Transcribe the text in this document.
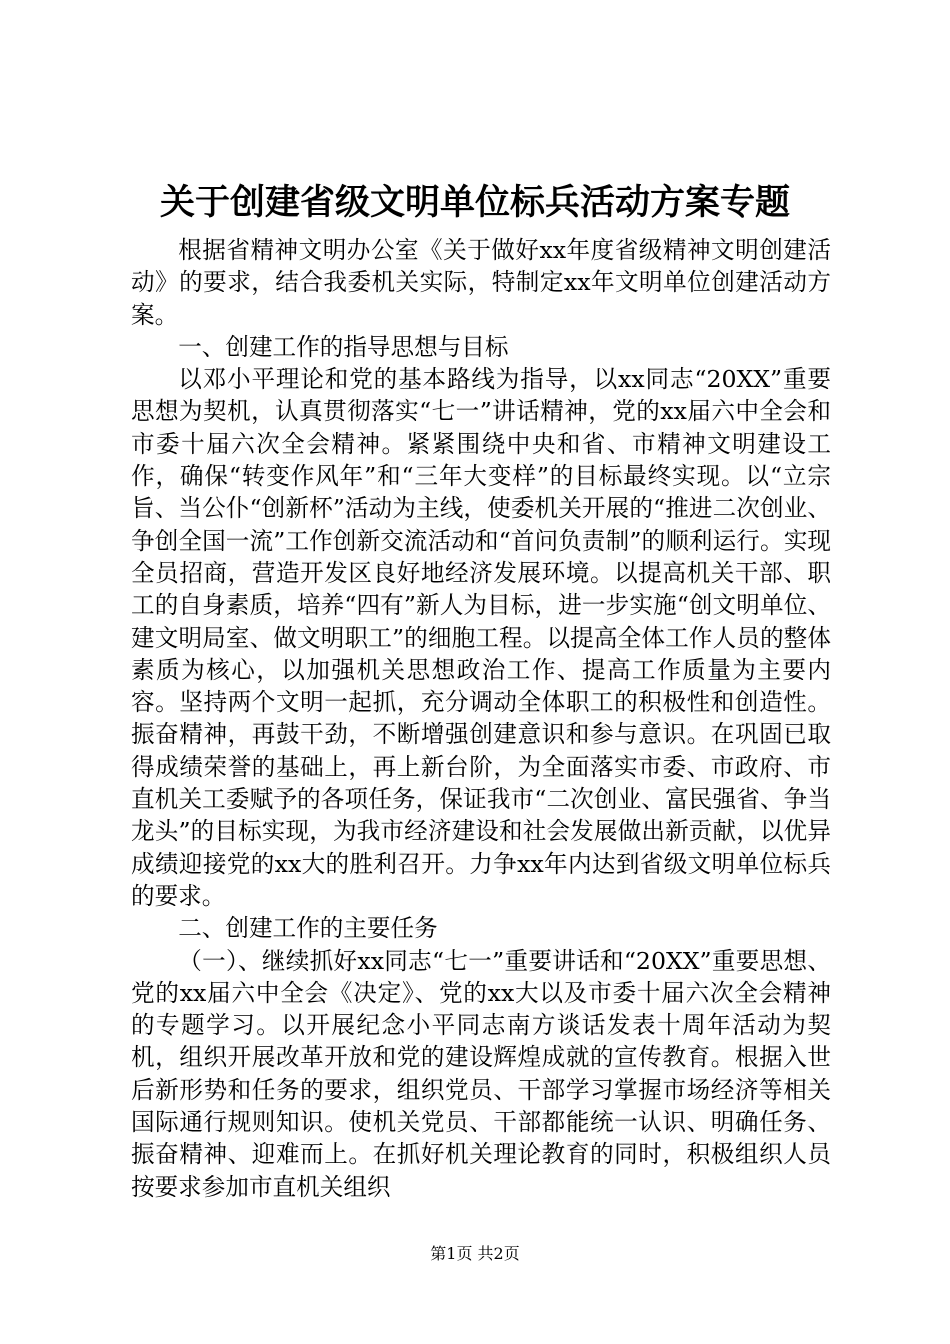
关于创建省级文明单位标兵活动方案专题

根据省精神文明办公室《关于做好xx年度省级精神文明创建活动》的要求，结合我委机关实际，特制定xx年文明单位创建活动方案。

一、创建工作的指导思想与目标

以邓小平理论和党的基本路线为指导，以xx同志“20XX”重要思想为契机，认真贯彻落实“七一”讲话精神，党的xx届六中全会和市委十届六次全会精神。紧紧围绕中央和省、市精神文明建设工作，确保“转变作风年”和“三年大变样”的目标最终实现。以“立宗旨、当公仆“创新杯”活动为主线，使委机关开展的“推进二次创业、争创全国一流”工作创新交流活动和“首问负责制”的顺利运行。实现全员招商，营造开发区良好地经济发展环境。以提高机关干部、职工的自身素质，培养“四有”新人为目标，进一步实施“创文明单位、建文明局室、做文明职工”的细胞工程。以提高全体工作人员的整体素质为核心，以加强机关思想政治工作、提高工作质量为主要内容。坚持两个文明一起抓，充分调动全体职工的积极性和创造性。振奋精神，再鼓干劲，不断增强创建意识和参与意识。在巩固已取得成绩荣誉的基础上，再上新台阶，为全面落实市委、市政府、市直机关工委赋予的各项任务，保证我市“二次创业、富民强省、争当龙头”的目标实现，为我市经济建设和社会发展做出新贡献，以优异成绩迎接党的xx大的胜利召开。力争xx年内达到省级文明单位标兵的要求。

二、创建工作的主要任务

（一）、继续抓好xx同志“七一”重要讲话和“20XX”重要思想、党的xx届六中全会《决定》、党的xx大以及市委十届六次全会精神的专题学习。以开展纪念小平同志南方谈话发表十周年活动为契机，组织开展改革开放和党的建设辉煌成就的宣传教育。根据入世后新形势和任务的要求，组织党员、干部学习掌握市场经济等相关国际通行规则知识。使机关党员、干部都能统一认识、明确任务、振奋精神、迎难而上。在抓好机关理论教育的同时，积极组织人员按要求参加市直机关组织

第1页 共2页
